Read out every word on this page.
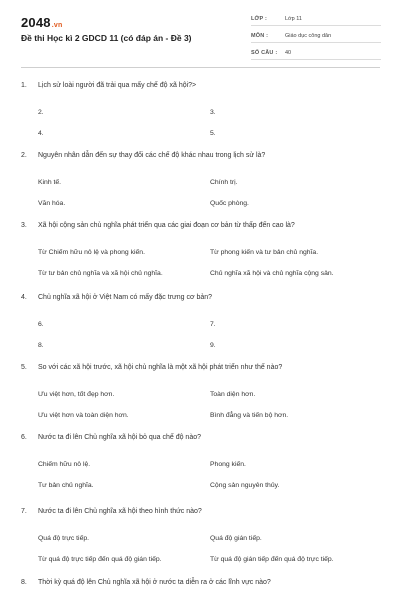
2048.vn
Đề thi Học kì 2 GDCD 11 (có đáp án - Đề 3)
LỚP :	Lớp 11
MÔN :	Giáo dục công dân
SỐ CÂU :	40
1.	Lịch sử loài người đã trải qua mấy chế độ xã hội?>
2.	3.
4.	5.
2.	Nguyên nhân dẫn đến sự thay đổi các chế độ khác nhau trong lịch sử là?
Kinh tế.	Chính trị.
Văn hóa.	Quốc phòng.
3.	Xã hội cộng sản chủ nghĩa phát triển qua các giai đoạn cơ bản từ thấp đến cao là?
Từ Chiếm hữu nô lệ và phong kiến.	Từ phong kiến và tư bản chủ nghĩa.
Từ tư bản chủ nghĩa và xã hội chủ nghĩa.	Chủ nghĩa xã hội và chủ nghĩa cộng sản.
4.	Chủ nghĩa xã hội ở Việt Nam có mấy đặc trưng cơ bản?
6.	7.
8.	9.
5.	So với các xã hội trước, xã hội chủ nghĩa là một xã hội phát triển như thế nào?
Ưu việt hơn, tốt đẹp hơn.	Toàn diện hơn.
Ưu việt hơn và toàn diện hơn.	Bình đẳng và tiến bộ hơn.
6.	Nước ta đi lên Chủ nghĩa xã hội bỏ qua chế độ nào?
Chiếm hữu nô lệ.	Phong kiến.
Tư bản chủ nghĩa.	Cộng sản nguyên thủy.
7.	Nước ta đi lên Chủ nghĩa xã hội theo hình thức nào?
Quá độ trực tiếp.	Quá độ gián tiếp.
Từ quá độ trực tiếp đến quá độ gián tiếp.	Từ quá độ gián tiếp đến quá độ trực tiếp.
8.	Thời kỳ quá độ lên Chủ nghĩa xã hội ở nước ta diễn ra ở các lĩnh vực nào?
